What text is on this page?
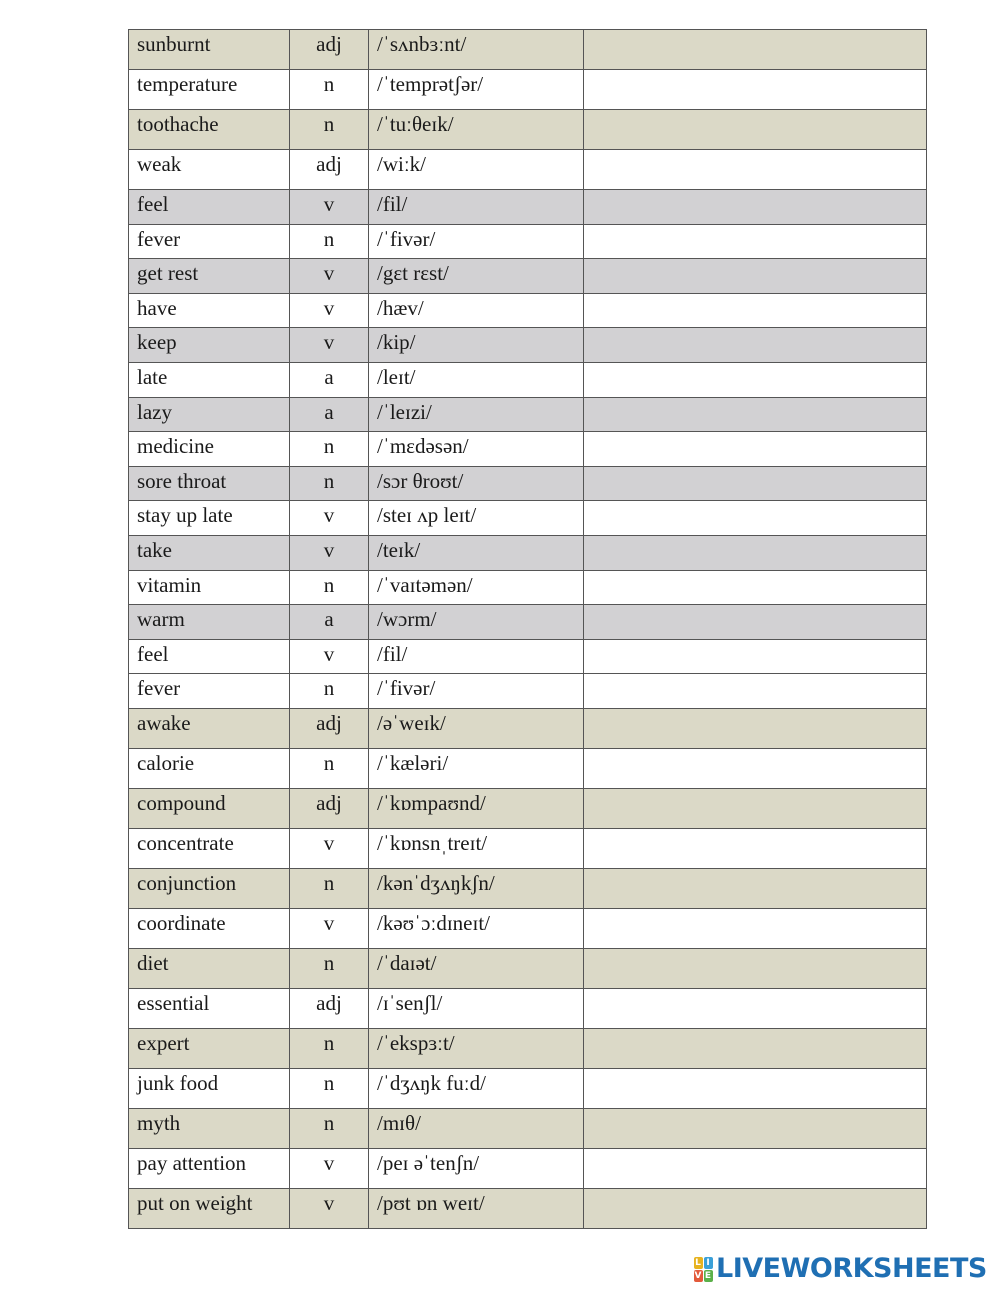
sunburnt	adj	/ˈsʌnbɜːnt/	

temperature	n	/ˈtemprətʃər/	

toothache	n	/ˈtuːθeɪk/	

weak	adj	/wiːk/	

feel	v	/fil/	

fever	n	/ˈfivər/	

get rest	v	/gɛt rɛst/	

have	v	/hæv/	

keep	v	/kip/	

late	a	/leɪt/	

lazy	a	/ˈleɪzi/	

medicine	n	/ˈmɛdəsən/	

sore throat	n	/sɔr θroʊt/	

stay up late	v	/steɪ ʌp leɪt/	

take	v	/teɪk/	

vitamin	n	/ˈvaɪtəmən/	

warm	a	/wɔrm/	

feel	v	/fil/	

fever	n	/ˈfivər/	

awake	adj	/əˈweɪk/	

calorie	n	/ˈkæləri/	

compound	adj	/ˈkɒmpaʊnd/	

concentrate	v	/ˈkɒnsnˌtreɪt/	

conjunction	n	/kənˈdʒʌŋkʃn/	

coordinate	v	/kəʊˈɔːdɪneɪt/	

diet	n	/ˈdaɪət/	

essential	adj	/ɪˈsenʃl/	

expert	n	/ˈekspɜːt/	

junk food	n	/ˈdʒʌŋk fuːd/	

myth	n	/mɪθ/	

pay attention	v	/peɪ əˈtenʃn/	

put on weight	v	/pʊt ɒn weɪt/	

L I
V E LIVEWORKSHEETS
